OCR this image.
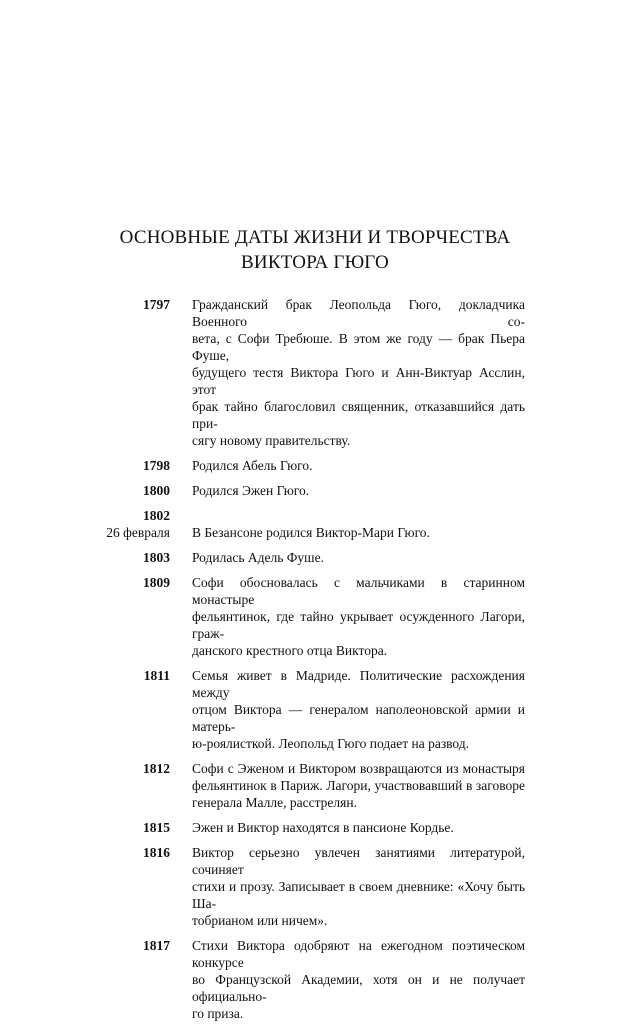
ОСНОВНЫЕ ДАТЫ ЖИЗНИ И ТВОРЧЕСТВА
ВИКТОРА ГЮГО
1797 Гражданский брак Леопольда Гюго, докладчика Военного со-
вета, с Софи Требюше. В этом же году — брак Пьера Фуше,
будущего тестя Виктора Гюго и Анн-Виктуар Асслин, этот
брак тайно благословил священник, отказавшийся дать при-
сягу новому правительству.
1798 Родился Абель Гюго.
1800 Родился Эжен Гюго.
1802
26 февраля В Безансоне родился Виктор-Мари Гюго.
1803 Родилась Адель Фуше.
1809 Софи обосновалась с мальчиками в старинном монастыре
фельянтинок, где тайно укрывает осужденного Лагори, граж-
данского крестного отца Виктора.
1811 Семья живет в Мадриде. Политические расхождения между
отцом Виктора — генералом наполеоновской армии и матерь-
ю-роялисткой. Леопольд Гюго подает на развод.
1812 Софи с Эженом и Виктором возвращаются из монастыря
фельянтинок в Париж. Лагори, участвовавший в заговоре
генерала Малле, расстрелян.
1815 Эжен и Виктор находятся в пансионе Кордье.
1816 Виктор серьезно увлечен занятиями литературой, сочиняет
стихи и прозу. Записывает в своем дневнике: «Хочу быть Ша-
тобрианом или ничем».
1817 Стихи Виктора одобряют на ежегодном поэтическом конкурсе
во Французской Академии, хотя он и не получает официально-
го приза.
